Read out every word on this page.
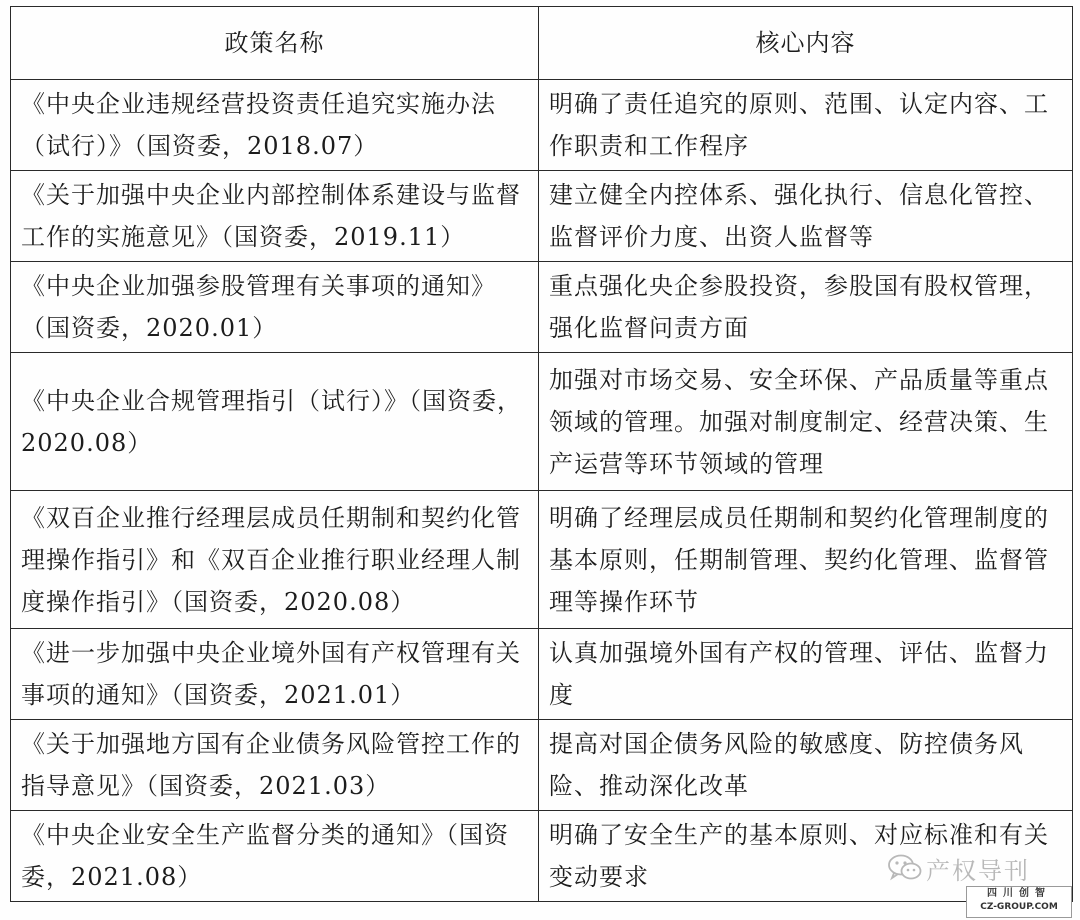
政策名称	核心内容
《中央企业违规经营投资责任追究实施办法（试行）》（国资委，2018.07）	明确了责任追究的原则、范围、认定内容、工作职责和工作程序
《关于加强中央企业内部控制体系建设与监督工作的实施意见》（国资委，2019.11）	建立健全内控体系、强化执行、信息化管控、监督评价力度、出资人监督等
《中央企业加强参股管理有关事项的通知》（国资委，2020.01）	重点强化央企参股投资，参股国有股权管理，强化监督问责方面
《中央企业合规管理指引（试行）》（国资委，2020.08）	加强对市场交易、安全环保、产品质量等重点领域的管理。加强对制度制定、经营决策、生产运营等环节领域的管理
《双百企业推行经理层成员任期制和契约化管理操作指引》和《双百企业推行职业经理人制度操作指引》（国资委，2020.08）	明确了经理层成员任期制和契约化管理制度的基本原则，任期制管理、契约化管理、监督管理等操作环节
《进一步加强中央企业境外国有产权管理有关事项的通知》（国资委，2021.01）	认真加强境外国有产权的管理、评估、监督力度
《关于加强地方国有企业债务风险管控工作的指导意见》（国资委，2021.03）	提高对国企债务风险的敏感度、防控债务风险、推动深化改革
《中央企业安全生产监督分类的通知》（国资委，2021.08）	明确了安全生产的基本原则、对应标准和有关变动要求	产权导刊
四川创智
CZ-GROUP.COM
